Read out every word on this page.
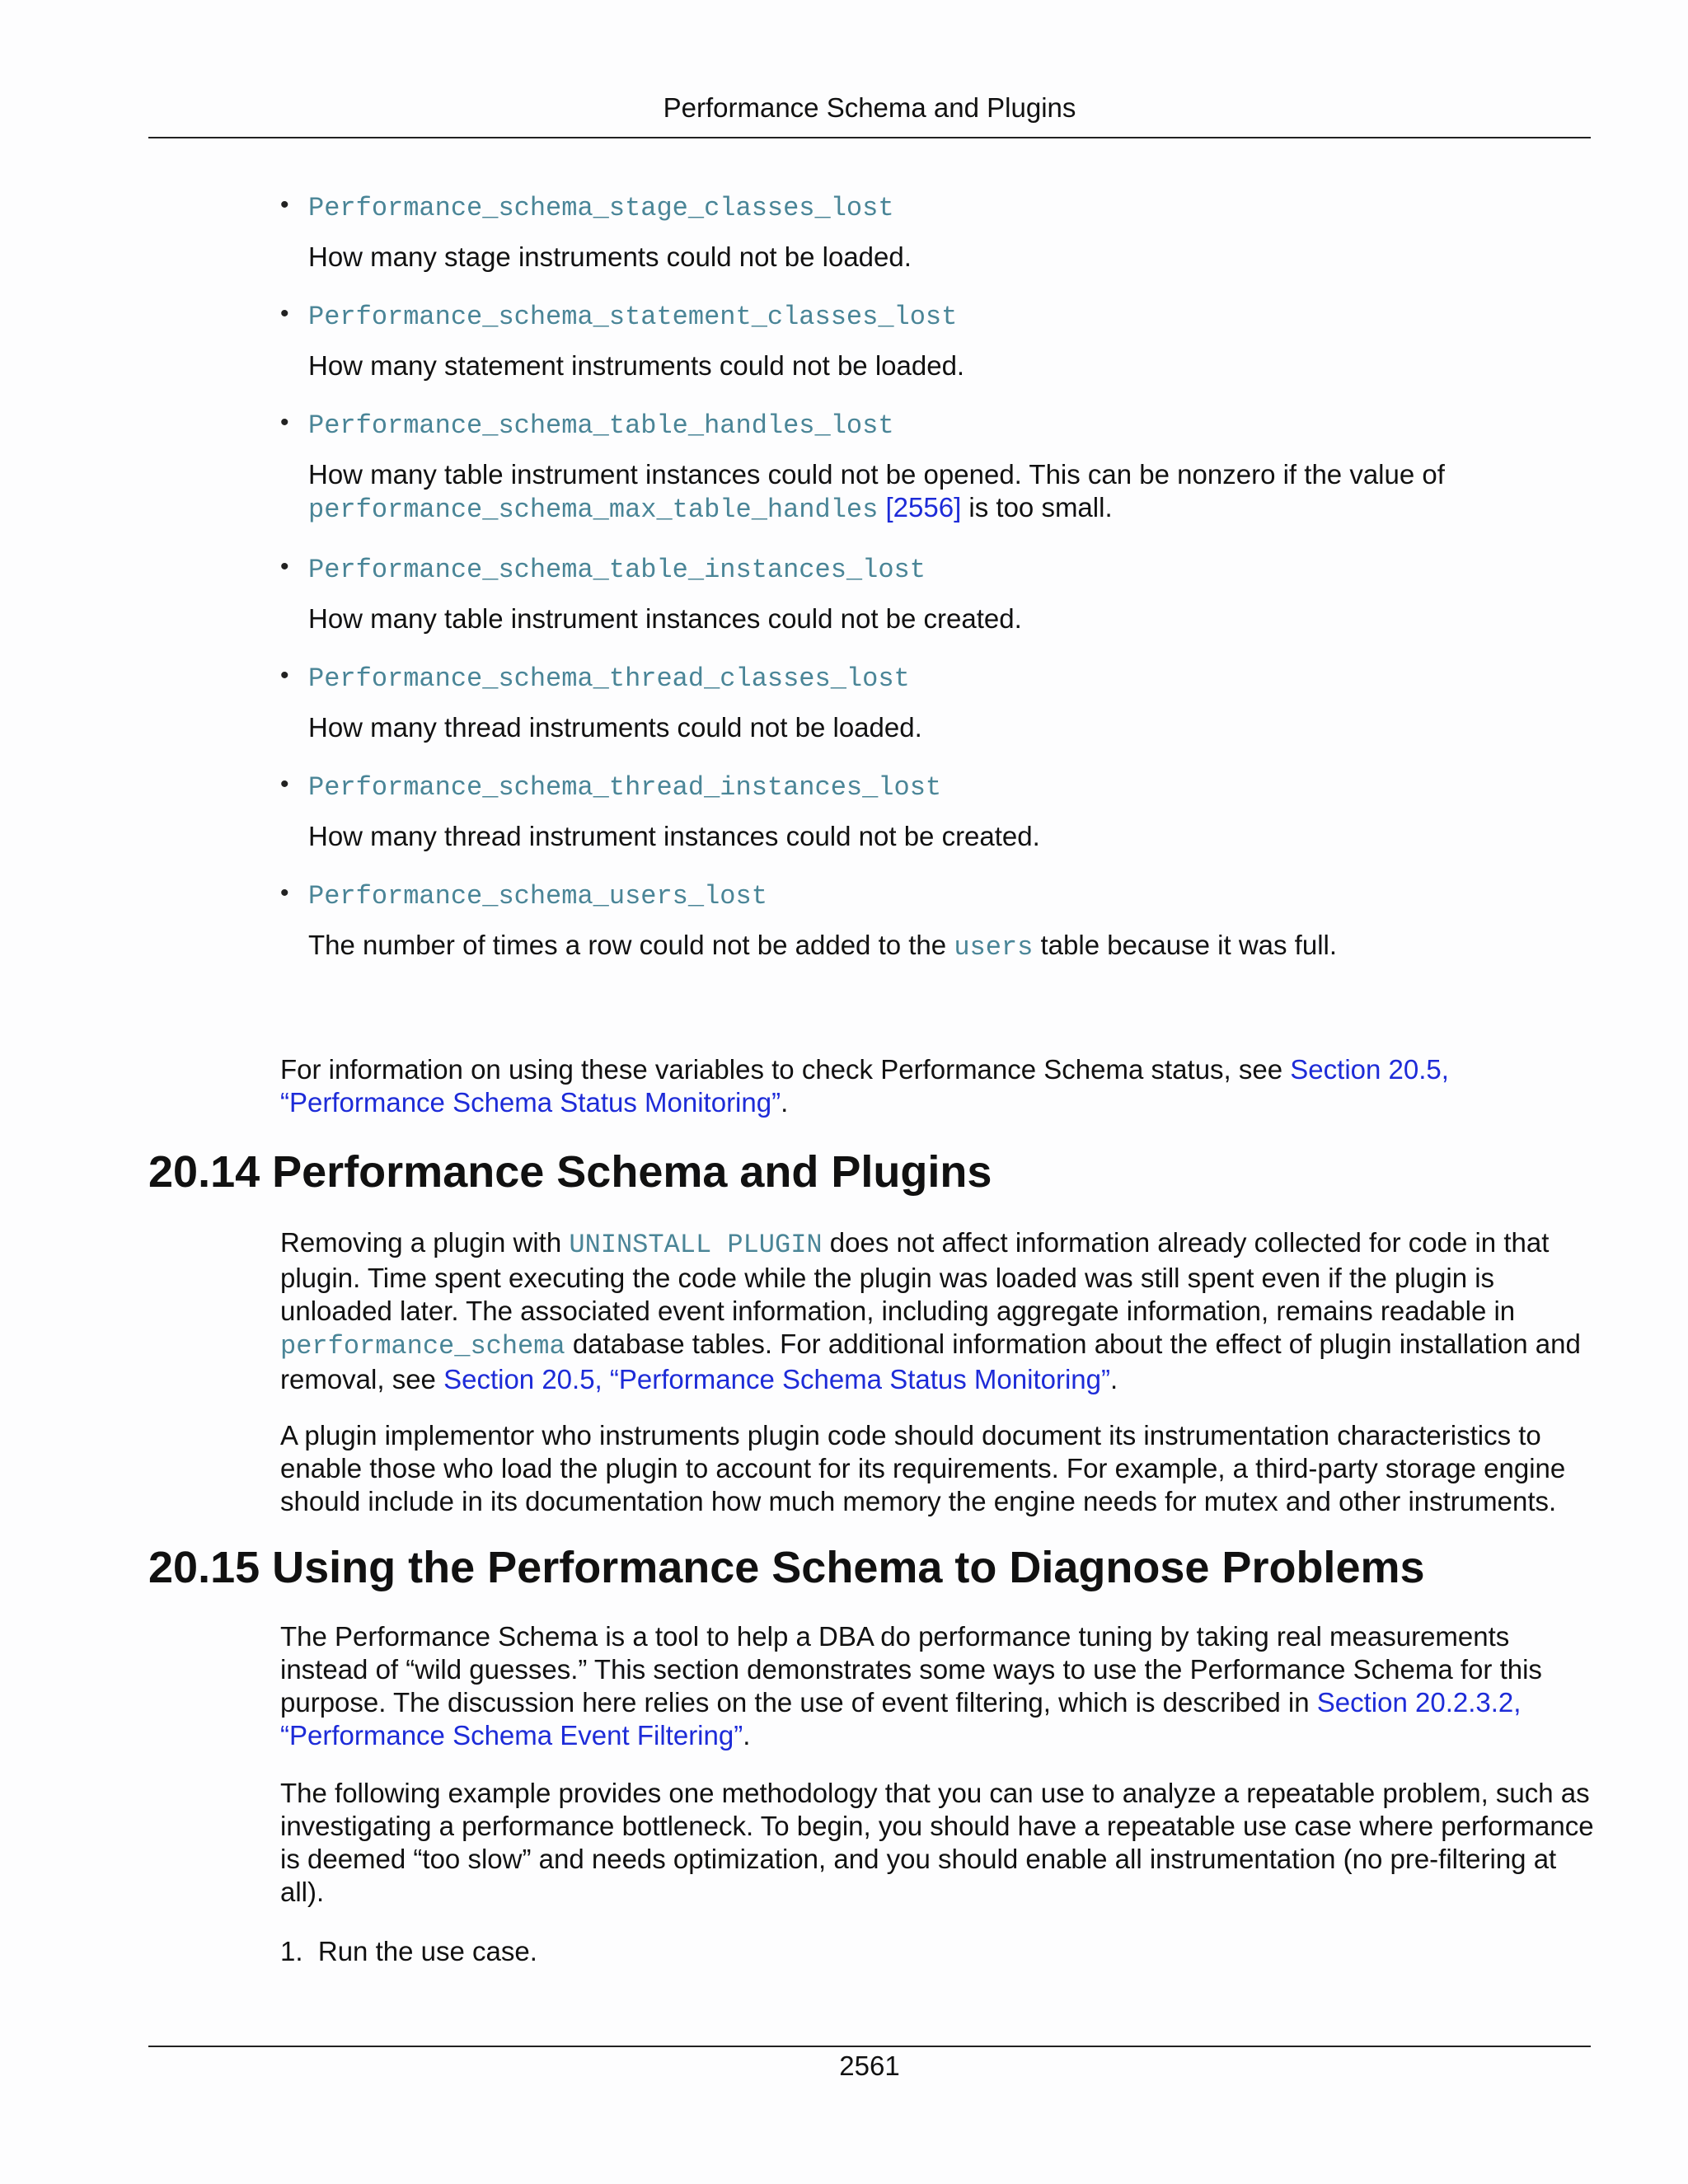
Performance Schema and Plugins
• Performance_schema_stage_classes_lost
How many stage instruments could not be loaded.
• Performance_schema_statement_classes_lost
How many statement instruments could not be loaded.
• Performance_schema_table_handles_lost
How many table instrument instances could not be opened. This can be nonzero if the value of
performance_schema_max_table_handles [2556] is too small.
• Performance_schema_table_instances_lost
How many table instrument instances could not be created.
• Performance_schema_thread_classes_lost
How many thread instruments could not be loaded.
• Performance_schema_thread_instances_lost
How many thread instrument instances could not be created.
• Performance_schema_users_lost
The number of times a row could not be added to the users table because it was full.

For information on using these variables to check Performance Schema status, see Section 20.5, “Performance Schema Status Monitoring”.

20.14 Performance Schema and Plugins

Removing a plugin with UNINSTALL PLUGIN does not affect information already collected for code in that plugin. Time spent executing the code while the plugin was loaded was still spent even if the plugin is unloaded later. The associated event information, including aggregate information, remains readable in performance_schema database tables. For additional information about the effect of plugin installation and removal, see Section 20.5, “Performance Schema Status Monitoring”.

A plugin implementor who instruments plugin code should document its instrumentation characteristics to enable those who load the plugin to account for its requirements. For example, a third-party storage engine should include in its documentation how much memory the engine needs for mutex and other instruments.

20.15 Using the Performance Schema to Diagnose Problems

The Performance Schema is a tool to help a DBA do performance tuning by taking real measurements instead of “wild guesses.” This section demonstrates some ways to use the Performance Schema for this purpose. The discussion here relies on the use of event filtering, which is described in Section 20.2.3.2, “Performance Schema Event Filtering”.

The following example provides one methodology that you can use to analyze a repeatable problem, such as investigating a performance bottleneck. To begin, you should have a repeatable use case where performance is deemed “too slow” and needs optimization, and you should enable all instrumentation (no pre-filtering at all).

1. Run the use case.

2561
